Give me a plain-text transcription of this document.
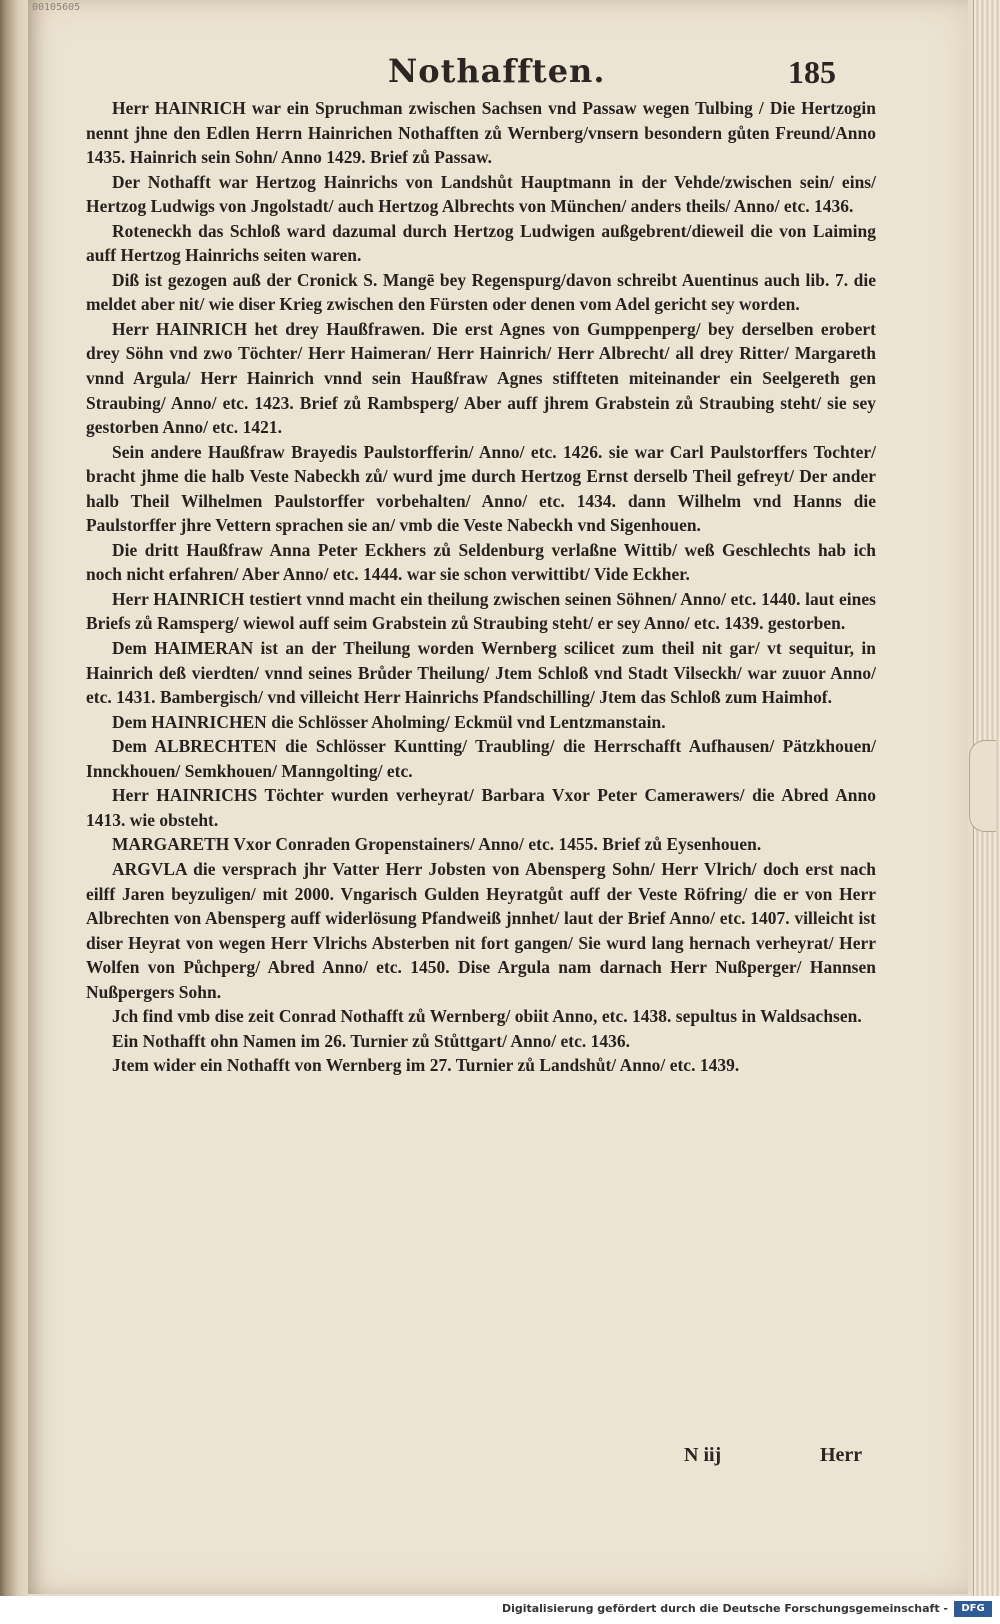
00105605
Nothafften.	185

Herr HAINRICH war ein Spruchman zwischen Sachsen vnd Passaw wegen Tulbing / Die Hertzogin nennt jhne den Edlen Herrn Hainrichen Nothafften zů Wernberg/vnsern besondern gůten Freund/Anno 1435. Hainrich sein Sohn/ Anno 1429. Brief zů Passaw.

Der Nothafft war Hertzog Hainrichs von Landshůt Hauptmann in der Vehde/zwischen sein/ eins/ Hertzog Ludwigs von Jngolstadt/ auch Hertzog Albrechts von München/ anders theils/ Anno/ etc. 1436.

Roteneckh das Schloß ward dazumal durch Hertzog Ludwigen außgebrent/dieweil die von Laiming auff Hertzog Hainrichs seiten waren.

Diß ist gezogen auß der Cronick S. Mangē bey Regenspurg/davon schreibt Auentinus auch lib. 7. die meldet aber nit/ wie diser Krieg zwischen den Fürsten oder denen vom Adel gericht sey worden.

Herr HAINRICH het drey Haußfrawen. Die erst Agnes von Gumppenperg/ bey derselben erobert drey Söhn vnd zwo Töchter/ Herr Haimeran/ Herr Hainrich/ Herr Albrecht/ all drey Ritter/ Margareth vnnd Argula/ Herr Hainrich vnnd sein Haußfraw Agnes stiffteten miteinander ein Seelgereth gen Straubing/ Anno/ etc. 1423. Brief zů Rambsperg/ Aber auff jhrem Grabstein zů Straubing steht/ sie sey gestorben Anno/ etc. 1421.

Sein andere Haußfraw Brayedis Paulstorfferin/ Anno/ etc. 1426. sie war Carl Paulstorffers Tochter/ bracht jhme die halb Veste Nabeckh zů/ wurd jme durch Hertzog Ernst derselb Theil gefreyt/ Der ander halb Theil Wilhelmen Paulstorffer vorbehalten/ Anno/ etc. 1434. dann Wilhelm vnd Hanns die Paulstorffer jhre Vettern sprachen sie an/ vmb die Veste Nabeckh vnd Sigenhouen.

Die dritt Haußfraw Anna Peter Eckhers zů Seldenburg verlaßne Wittib/ weß Geschlechts hab ich noch nicht erfahren/ Aber Anno/ etc. 1444. war sie schon verwittibt/ Vide Eckher.

Herr HAINRICH testiert vnnd macht ein theilung zwischen seinen Söhnen/ Anno/ etc. 1440. laut eines Briefs zů Ramsperg/ wiewol auff seim Grabstein zů Straubing steht/ er sey Anno/ etc. 1439. gestorben.

Dem HAIMERAN ist an der Theilung worden Wernberg scilicet zum theil nit gar/ vt sequitur, in Hainrich deß vierdten/ vnnd seines Brůder Theilung/ Jtem Schloß vnd Stadt Vilseckh/ war zuuor Anno/ etc. 1431. Bambergisch/ vnd villeicht Herr Hainrichs Pfandschilling/ Jtem das Schloß zum Haimhof.

Dem HAINRICHEN die Schlösser Aholming/ Eckmül vnd Lentzmanstain.

Dem ALBRECHTEN die Schlösser Kuntting/ Traubling/ die Herrschafft Aufhausen/ Pätzkhouen/ Innckhouen/ Semkhouen/ Manngolting/ etc.

Herr HAINRICHS Töchter wurden verheyrat/ Barbara Vxor Peter Camerawers/ die Abred Anno 1413. wie obsteht.

MARGARETH Vxor Conraden Gropenstainers/ Anno/ etc. 1455. Brief zů Eysenhouen.

ARGVLA die versprach jhr Vatter Herr Jobsten von Abensperg Sohn/ Herr Vlrich/ doch erst nach eilff Jaren beyzuligen/ mit 2000. Vngarisch Gulden Heyratgůt auff der Veste Röfring/ die er von Herr Albrechten von Abensperg auff widerlösung Pfandweiß jnnhet/ laut der Brief Anno/ etc. 1407. villeicht ist diser Heyrat von wegen Herr Vlrichs Absterben nit fort gangen/ Sie wurd lang hernach verheyrat/ Herr Wolfen von Půchperg/ Abred Anno/ etc. 1450. Dise Argula nam darnach Herr Nußperger/ Hannsen Nußpergers Sohn.

Jch find vmb dise zeit Conrad Nothafft zů Wernberg/ obiit Anno, etc. 1438. sepultus in Waldsachsen.

Ein Nothafft ohn Namen im 26. Turnier zů Stůttgart/ Anno/ etc. 1436.

Jtem wider ein Nothafft von Wernberg im 27. Turnier zů Landshůt/ Anno/ etc. 1439.

N iij	Herr
Digitalisierung gefördert durch die Deutsche Forschungsgemeinschaft -	DFG
